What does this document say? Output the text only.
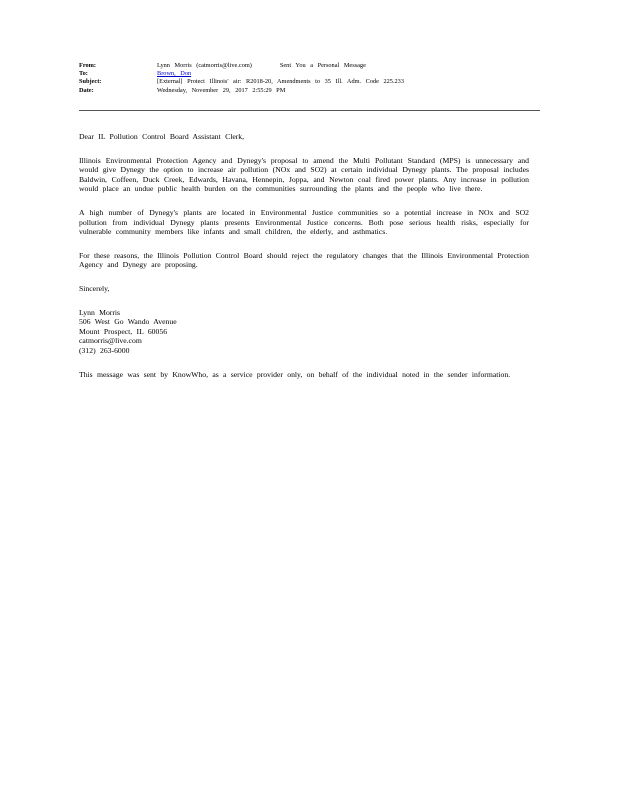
From:	Lynn Morris (catmorris@live.com)	Sent You a Personal Message
To:	Brown, Don
Subject:	[External] Protect Illinois' air: R2018-20, Amendments to 35 Ill. Adm. Code 225.233
Date:	Wednesday, November 29, 2017 2:55:29 PM

Dear IL Pollution Control Board Assistant Clerk,

Illinois Environmental Protection Agency and Dynegy's proposal to amend the Multi Pollutant Standard (MPS) is unnecessary and would give Dynegy the option to increase air pollution (NOx and SO2) at certain individual Dynegy plants. The proposal includes Baldwin, Coffeen, Duck Creek, Edwards, Havana, Hennepin, Joppa, and Newton coal fired power plants. Any increase in pollution would place an undue public health burden on the communities surrounding the plants and the people who live there.

A high number of Dynegy's plants are located in Environmental Justice communities so a potential increase in NOx and SO2 pollution from individual Dynegy plants presents Environmental Justice concerns. Both pose serious health risks, especially for vulnerable community members like infants and small children, the elderly, and asthmatics.

For these reasons, the Illinois Pollution Control Board should reject the regulatory changes that the Illinois Environmental Protection Agency and Dynegy are proposing.

Sincerely,

Lynn Morris
506 West Go Wando Avenue
Mount Prospect, IL 60056
catmorris@live.com
(312) 263-6000

This message was sent by KnowWho, as a service provider only, on behalf of the individual noted in the sender information.
